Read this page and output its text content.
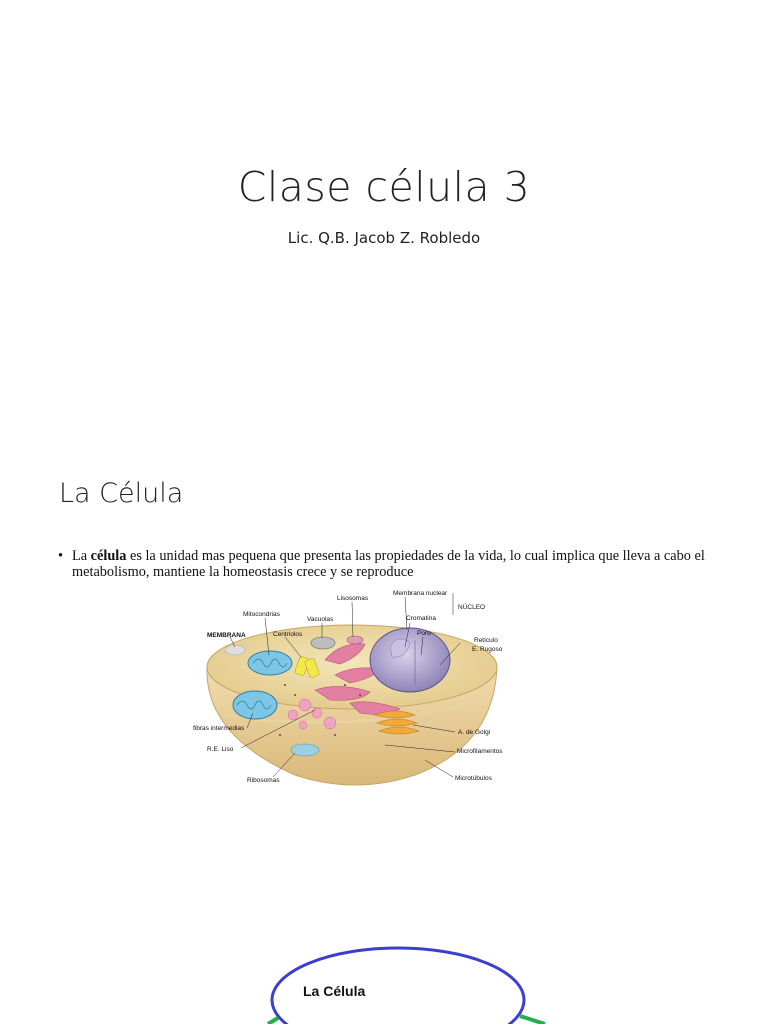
Clase célula 3
Lic. Q.B. Jacob Z. Robledo
La Célula
• La célula es la unidad mas pequena que presenta las propiedades de la vida, lo cual implica que lleva a cabo el metabolismo, mantiene la homeostasis crece y se reproduce
MEMBRANA
Mitocondrias
Vacuolas
Lisosomas
Membrana nuclear
NÚCLEO
Cromatina
Centriolos	Poro
Retículo
E. Rugoso
fibras intermedias
A. de Golgi
R.E. Liso	Microfilamentos
Ribosomas	Microtúbulos
La Célula
